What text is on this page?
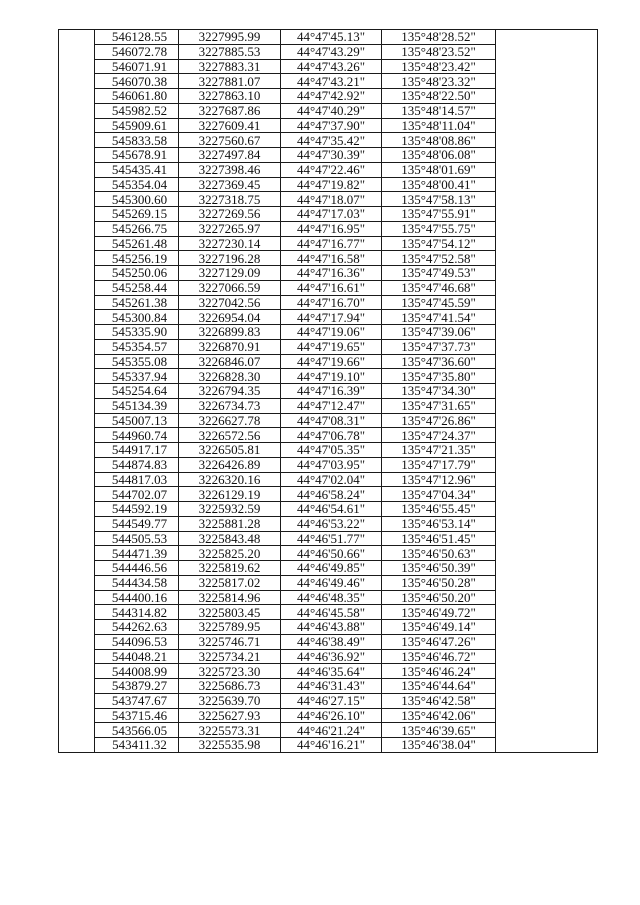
	546128.55	3227995.99	44°47'45.13"	135°48'28.52"	
	546072.78	3227885.53	44°47'43.29"	135°48'23.52"	
	546071.91	3227883.31	44°47'43.26"	135°48'23.42"	
	546070.38	3227881.07	44°47'43.21"	135°48'23.32"	
	546061.80	3227863.10	44°47'42.92"	135°48'22.50"	
	545982.52	3227687.86	44°47'40.29"	135°48'14.57"	
	545909.61	3227609.41	44°47'37.90"	135°48'11.04"	
	545833.58	3227560.67	44°47'35.42"	135°48'08.86"	
	545678.91	3227497.84	44°47'30.39"	135°48'06.08"	
	545435.41	3227398.46	44°47'22.46"	135°48'01.69"	
	545354.04	3227369.45	44°47'19.82"	135°48'00.41"	
	545300.60	3227318.75	44°47'18.07"	135°47'58.13"	
	545269.15	3227269.56	44°47'17.03"	135°47'55.91"	
	545266.75	3227265.97	44°47'16.95"	135°47'55.75"	
	545261.48	3227230.14	44°47'16.77"	135°47'54.12"	
	545256.19	3227196.28	44°47'16.58"	135°47'52.58"	
	545250.06	3227129.09	44°47'16.36"	135°47'49.53"	
	545258.44	3227066.59	44°47'16.61"	135°47'46.68"	
	545261.38	3227042.56	44°47'16.70"	135°47'45.59"	
	545300.84	3226954.04	44°47'17.94"	135°47'41.54"	
	545335.90	3226899.83	44°47'19.06"	135°47'39.06"	
	545354.57	3226870.91	44°47'19.65"	135°47'37.73"	
	545355.08	3226846.07	44°47'19.66"	135°47'36.60"	
	545337.94	3226828.30	44°47'19.10"	135°47'35.80"	
	545254.64	3226794.35	44°47'16.39"	135°47'34.30"	
	545134.39	3226734.73	44°47'12.47"	135°47'31.65"	
	545007.13	3226627.78	44°47'08.31"	135°47'26.86"	
	544960.74	3226572.56	44°47'06.78"	135°47'24.37"	
	544917.17	3226505.81	44°47'05.35"	135°47'21.35"	
	544874.83	3226426.89	44°47'03.95"	135°47'17.79"	
	544817.03	3226320.16	44°47'02.04"	135°47'12.96"	
	544702.07	3226129.19	44°46'58.24"	135°47'04.34"	
	544592.19	3225932.59	44°46'54.61"	135°46'55.45"	
	544549.77	3225881.28	44°46'53.22"	135°46'53.14"	
	544505.53	3225843.48	44°46'51.77"	135°46'51.45"	
	544471.39	3225825.20	44°46'50.66"	135°46'50.63"	
	544446.56	3225819.62	44°46'49.85"	135°46'50.39"	
	544434.58	3225817.02	44°46'49.46"	135°46'50.28"	
	544400.16	3225814.96	44°46'48.35"	135°46'50.20"	
	544314.82	3225803.45	44°46'45.58"	135°46'49.72"	
	544262.63	3225789.95	44°46'43.88"	135°46'49.14"	
	544096.53	3225746.71	44°46'38.49"	135°46'47.26"	
	544048.21	3225734.21	44°46'36.92"	135°46'46.72"	
	544008.99	3225723.30	44°46'35.64"	135°46'46.24"	
	543879.27	3225686.73	44°46'31.43"	135°46'44.64"	
	543747.67	3225639.70	44°46'27.15"	135°46'42.58"	
	543715.46	3225627.93	44°46'26.10"	135°46'42.06"	
	543566.05	3225573.31	44°46'21.24"	135°46'39.65"	
	543411.32	3225535.98	44°46'16.21"	135°46'38.04"	
